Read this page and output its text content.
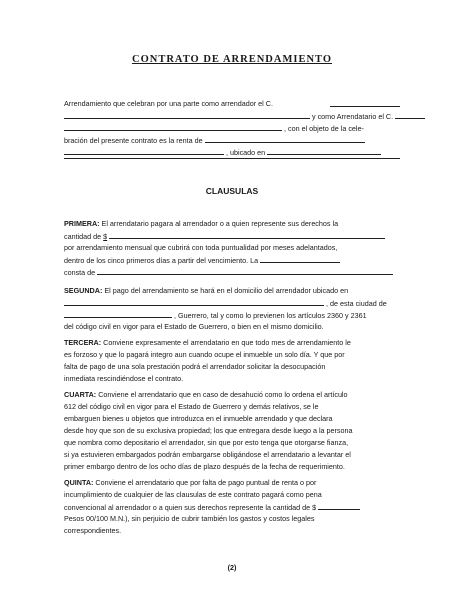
CONTRATO DE ARRENDAMIENTO
Arrendamiento que celebran por una parte como arrendador el C.
y como Arrendatario el C.
, con el objeto de la cele-
bración del presente contrato es la renta de
, ubicado en
CLAUSULAS
PRIMERA: El arrendatario pagara al arrendador o a quien represente sus derechos la
cantidad de $
por arrendamiento mensual que cubrirá con toda puntualidad por meses adelantados,
dentro de los cinco primeros días a partir del vencimiento. La
consta de
SEGUNDA: El pago del arrendamiento se hará en el domicilio del arrendador ubicado en
, de esta ciudad de
, Guerrero, tal y como lo previenen los artículos 2360 y 2361
del código civil en vigor para el Estado de Guerrero, o bien en el mismo domicilio.
TERCERA: Conviene expresamente el arrendatario en que todo mes de arrendamiento le
es forzoso y que lo pagará integro aun cuando ocupe el inmueble un solo día. Y que por
falta de pago de una sola prestación podrá el arrendador solicitar la desocupación
inmediata rescindiéndose el contrato.
CUARTA: Conviene el arrendatario que en caso de desahució como lo ordena el artículo
612 del código civil en vigor para el Estado de Guerrero y demás relativos, se le
embarguen bienes u objetos que introduzca en el inmueble arrendado y que declara
desde hoy que son de su exclusiva propiedad; los que entregara desde luego a la persona
que nombra como depositario el arrendador, sin que por esto tenga que otorgarse fianza,
si ya estuvieren embargados podrán embargarse obligándose el arrendatario a levantar el
primer embargo dentro de los ocho días de plazo después de la fecha de requerimiento.
QUINTA: Conviene el arrendatario que por falta de pago puntual de renta o por
incumplimiento de cualquier de las clausulas de este contrato pagará como pena
convencional al arrendador o a quien sus derechos represente la cantidad de $
Pesos 00/100 M.N.), sin perjuicio de cubrir también los gastos y costos legales
correspondientes.
(2)
